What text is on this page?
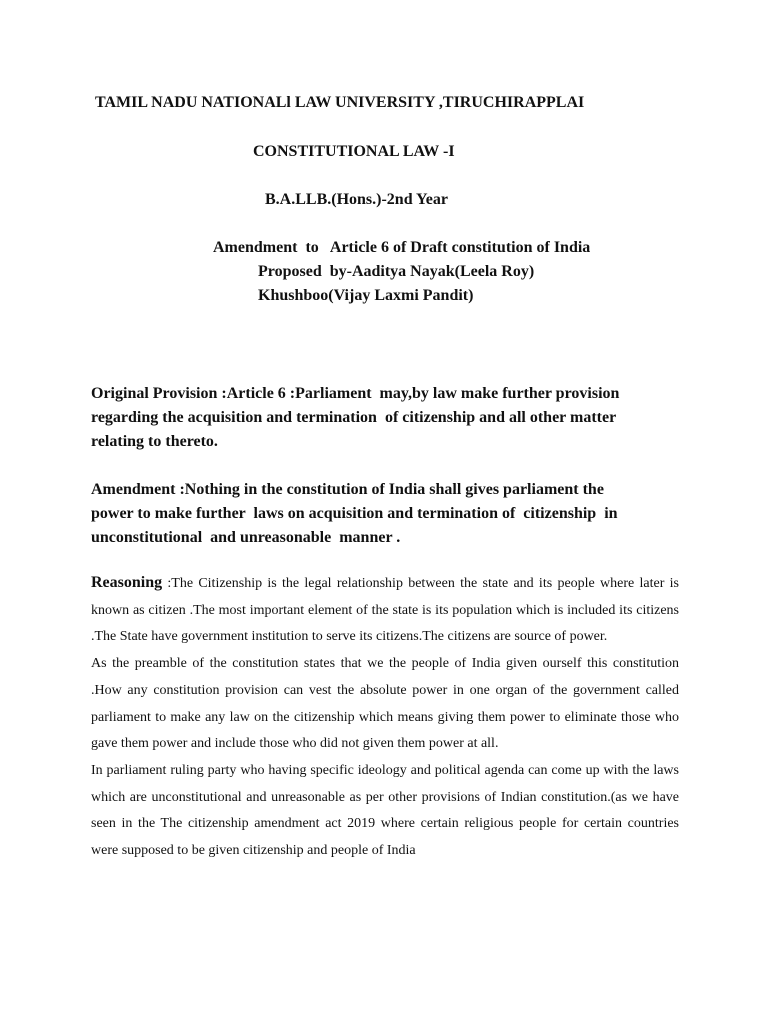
TAMIL NADU NATIONALl LAW UNIVERSITY ,TIRUCHIRAPPLAI
CONSTITUTIONAL LAW -I
B.A.LLB.(Hons.)-2nd Year
Amendment  to   Article 6 of Draft constitution of India
Proposed  by-Aaditya Nayak(Leela Roy)
Khushboo(Vijay Laxmi Pandit)
Original Provision :Article 6 :Parliament  may,by law make further provision
regarding the acquisition and termination  of citizenship and all other matter
relating to thereto.
Amendment :Nothing in the constitution of India shall gives parliament the
power to make further  laws on acquisition and termination of  citizenship  in
unconstitutional  and unreasonable  manner .

Reasoning :The Citizenship is the legal relationship between the state and its people where later is known as citizen .The most important element of the state is its population which is included its citizens .The State have government institution to serve its citizens.The citizens are source of power.

As the preamble of the constitution states that we the people of India given ourself this constitution .How any constitution provision can vest the absolute power in one organ of the government called parliament to make any law on the citizenship which means giving them power to eliminate those who gave them power and include those who did not given them power at all.

In parliament ruling party who having specific ideology and political agenda can come up with the laws which are unconstitutional and unreasonable as per other provisions of Indian constitution.(as we have seen in the The citizenship amendment act 2019 where certain religious people for certain countries were supposed to be given citizenship and people of India
